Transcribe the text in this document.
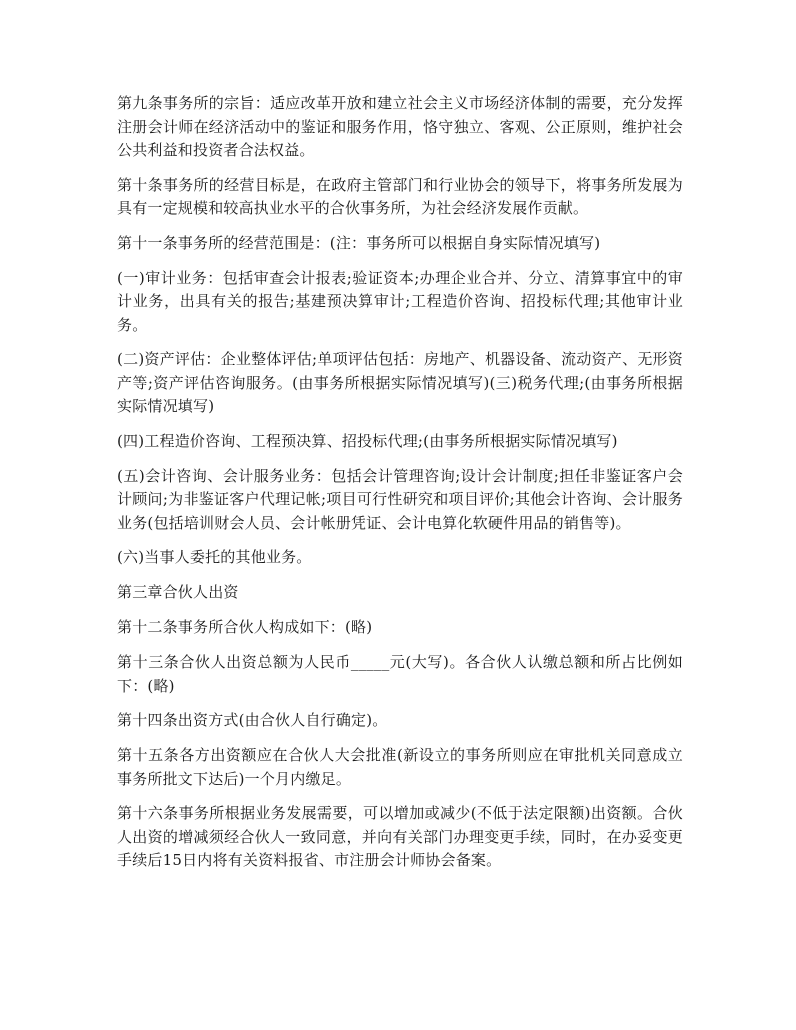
第九条事务所的宗旨：适应改革开放和建立社会主义市场经济体制的需要，充分发挥注册会计师在经济活动中的鉴证和服务作用，恪守独立、客观、公正原则，维护社会公共利益和投资者合法权益。

第十条事务所的经营目标是，在政府主管部门和行业协会的领导下，将事务所发展为具有一定规模和较高执业水平的合伙事务所，为社会经济发展作贡献。

第十一条事务所的经营范围是：(注：事务所可以根据自身实际情况填写)

(一)审计业务：包括审查会计报表;验证资本;办理企业合并、分立、清算事宜中的审计业务，出具有关的报告;基建预决算审计;工程造价咨询、招投标代理;其他审计业务。

(二)资产评估：企业整体评估;单项评估包括：房地产、机器设备、流动资产、无形资产等;资产评估咨询服务。(由事务所根据实际情况填写)(三)税务代理;(由事务所根据实际情况填写)

(四)工程造价咨询、工程预决算、招投标代理;(由事务所根据实际情况填写)

(五)会计咨询、会计服务业务：包括会计管理咨询;设计会计制度;担任非鉴证客户会计顾问;为非鉴证客户代理记帐;项目可行性研究和项目评价;其他会计咨询、会计服务业务(包括培训财会人员、会计帐册凭证、会计电算化软硬件用品的销售等)。

(六)当事人委托的其他业务。

第三章合伙人出资

第十二条事务所合伙人构成如下：(略)

第十三条合伙人出资总额为人民币_____元(大写)。各合伙人认缴总额和所占比例如下：(略)

第十四条出资方式(由合伙人自行确定)。

第十五条各方出资额应在合伙人大会批准(新设立的事务所则应在审批机关同意成立事务所批文下达后)一个月内缴足。

第十六条事务所根据业务发展需要，可以增加或减少(不低于法定限额)出资额。合伙人出资的增减须经合伙人一致同意，并向有关部门办理变更手续，同时，在办妥变更手续后15日内将有关资料报省、市注册会计师协会备案。
